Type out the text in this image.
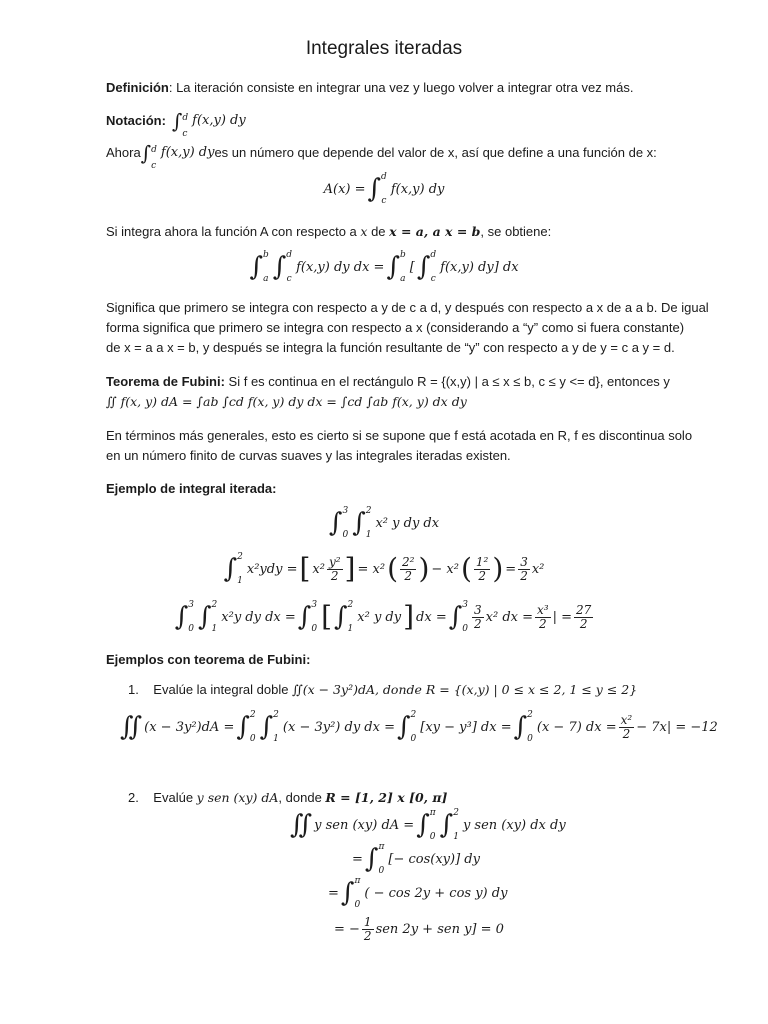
Integrales iteradas
Definición: La iteración consiste en integrar una vez y luego volver a integrar otra vez más.
Notación: ∫ d
c
f(x,y) dy
Ahora ∫ d
c
f(x,y) dy es un número que depende del valor de x, así que define a una función de x:
A(x) = ∫ d
c
f(x,y) dy
Si integra ahora la función A con respecto a x de x = a, a x = b, se obtiene:
∫ b
a ∫ d
c
f(x,y) dy dx = ∫ b
a
[ ∫ d
c
f(x,y) dy] dx

Significa que primero se integra con respecto a y de c a d, y después con respecto a x de a a b. De igual

forma significa que primero se integra con respecto a x (considerando a “y” como si fuera constante)

de x = a a x = b, y después se integra la función resultante de “y” con respecto a y de y = c a y = d.

Teorema de Fubini: Si f es continua en el rectángulo R = {(x,y) | a ≤ x ≤ b, c ≤ y <= d}, entonces y

∬ f(x, y) dA = ∫ab ∫cd f(x, y) dy dx = ∫cd ∫ab f(x, y) dx dy

En términos más generales, esto es cierto si se supone que f está acotada en R, f es discontinua solo

en un número finito de curvas suaves y las integrales iteradas existen.

Ejemplo de integral iterada:
∫ 3
0 ∫ 2
1
x² y dy dx
∫ 2
1
x²ydy = [ $x^2 \frac{\text{y²}}{2}$ ] = x² ( $\frac{\text{2²}}{2}$ ) − x² ( $\frac{\text{1²}}{2}$ ) = $\frac{3}{2} x^2$
∫ 3
0 ∫ 2
1
x²y dy dx = ∫ 3
0 [ ∫ 2
1
x² y dy ] dx = ∫ 3
$0 \frac{3}{2} x^2$ dx = $\frac{\text{x³}}{2}$ | = $\frac{27}{2}$
Ejemplos con teorema de Fubini:
1. Evalúe la integral doble ∬(x − 3y²)dA, donde R = {(x,y) | 0 ≤ x ≤ 2, 1 ≤ y ≤ 2}
∬ (x − 3y²)dA = ∫ 2
0 ∫ 2
1
(x − 3y²) dy dx = ∫ 2
0
[xy − y³] dx = ∫ 2
0
(x − 7) dx = $\frac{\text{x²}}{2} - 7x| = -12$
2. Evalúe y sen (xy) dA, donde R = [1, 2] x [0, π]
∬ y sen (xy) dA = ∫ π
0 ∫ 2
1
y sen (xy) dx dy
= ∫ π
0
[− cos(xy)] dy
= ∫ π
0
( − cos 2y + cos y) dy
= − $\frac{1}{2}$ sen 2y + sen y] = 0
